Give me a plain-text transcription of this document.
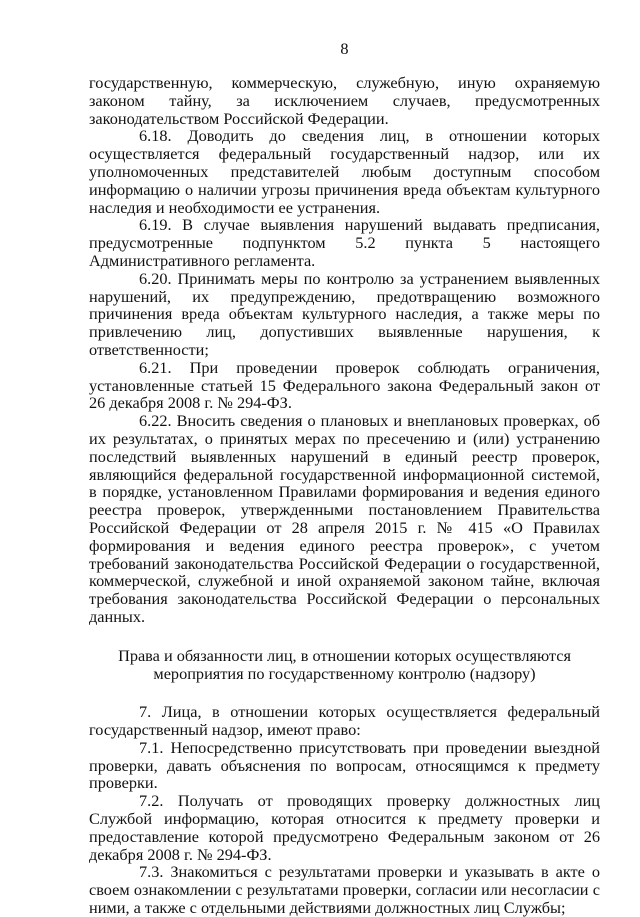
8

государственную, коммерческую, служебную, иную охраняемую законом тайну, за исключением случаев, предусмотренных законодательством Российской Федерации.

6.18. Доводить до сведения лиц, в отношении которых осуществляется федеральный государственный надзор, или их уполномоченных представителей любым доступным способом информацию о наличии угрозы причинения вреда объектам культурного наследия и необходимости ее устранения.

6.19. В случае выявления нарушений выдавать предписания, предусмотренные подпунктом 5.2 пункта 5 настоящего Административного регламента.

6.20. Принимать меры по контролю за устранением выявленных нарушений, их предупреждению, предотвращению возможного причинения вреда объектам культурного наследия, а также меры по привлечению лиц, допустивших выявленные нарушения, к ответственности;

6.21. При проведении проверок соблюдать ограничения, установленные статьей 15 Федерального закона Федеральный закон от 26 декабря 2008 г. № 294-ФЗ.

6.22. Вносить сведения о плановых и внеплановых проверках, об их результатах, о принятых мерах по пресечению и (или) устранению последствий выявленных нарушений в единый реестр проверок, являющийся федеральной государственной информационной системой, в порядке, установленном Правилами формирования и ведения единого реестра проверок, утвержденными постановлением Правительства Российской Федерации от 28 апреля 2015 г. № 415 «О Правилах формирования и ведения единого реестра проверок», с учетом требований законодательства Российской Федерации о государственной, коммерческой, служебной и иной охраняемой законом тайне, включая требования законодательства Российской Федерации о персональных данных.

Права и обязанности лиц, в отношении которых осуществляются
мероприятия по государственному контролю (надзору)

7. Лица, в отношении которых осуществляется федеральный государственный надзор, имеют право:

7.1. Непосредственно присутствовать при проведении выездной проверки, давать объяснения по вопросам, относящимся к предмету проверки.

7.2. Получать от проводящих проверку должностных лиц Службой информацию, которая относится к предмету проверки и предоставление которой предусмотрено Федеральным законом от 26 декабря 2008 г. № 294-ФЗ.

7.3. Знакомиться с результатами проверки и указывать в акте о своем ознакомлении с результатами проверки, согласии или несогласии с ними, а также с отдельными действиями должностных лиц Службы;
